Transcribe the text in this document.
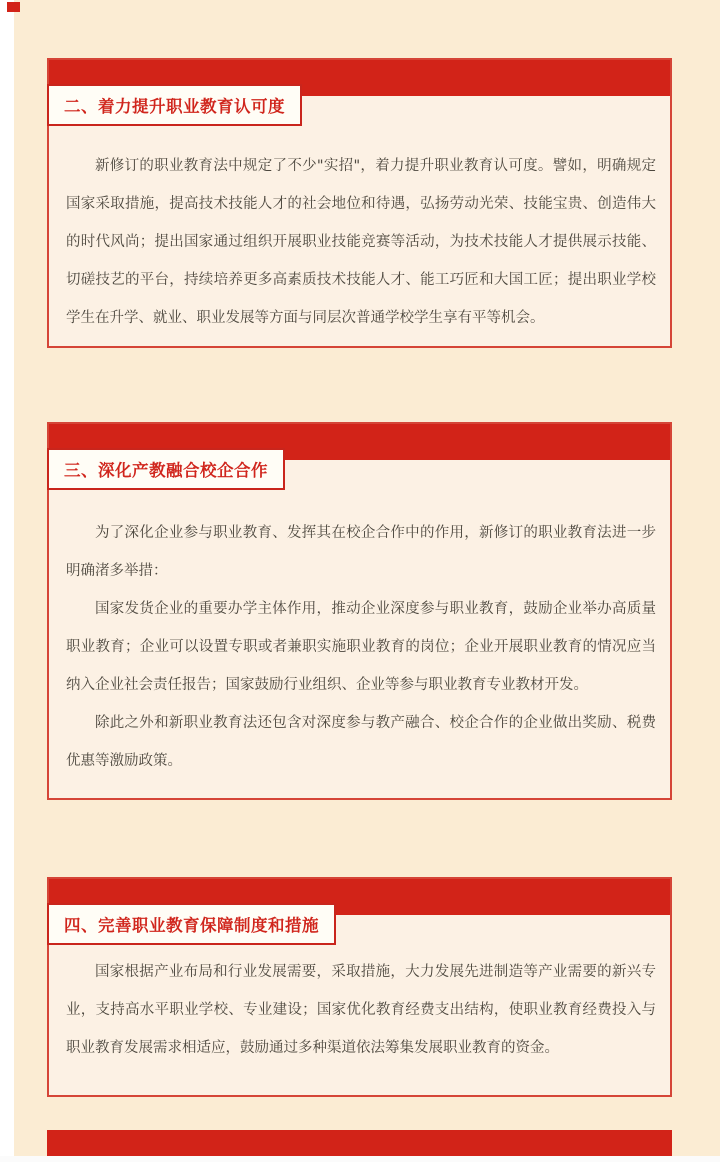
二、着力提升职业教育认可度

新修订的职业教育法中规定了不少"实招"，着力提升职业教育认可度。譬如，明确规定国家采取措施，提高技术技能人才的社会地位和待遇，弘扬劳动光荣、技能宝贵、创造伟大的时代风尚；提出国家通过组织开展职业技能竞赛等活动，为技术技能人才提供展示技能、切磋技艺的平台，持续培养更多高素质技术技能人才、能工巧匠和大国工匠；提出职业学校学生在升学、就业、职业发展等方面与同层次普通学校学生享有平等机会。

三、深化产教融合校企合作

为了深化企业参与职业教育、发挥其在校企合作中的作用，新修订的职业教育法进一步明确渚多举措：

国家发货企业的重要办学主体作用，推动企业深度参与职业教育，鼓励企业举办高质量职业教育；企业可以设置专职或者兼职实施职业教育的岗位；企业开展职业教育的情况应当纳入企业社会责任报告；国家鼓励行业组织、企业等参与职业教育专业教材开发。

除此之外和新职业教育法还包含对深度参与教产融合、校企合作的企业做出奖励、税费优惠等激励政策。

四、完善职业教育保障制度和措施

国家根据产业布局和行业发展需要，采取措施，大力发展先进制造等产业需要的新兴专业，支持高水平职业学校、专业建设；国家优化教育经费支出结构，使职业教育经费投入与职业教育发展需求相适应，鼓励通过多种渠道依法筹集发展职业教育的资金。
